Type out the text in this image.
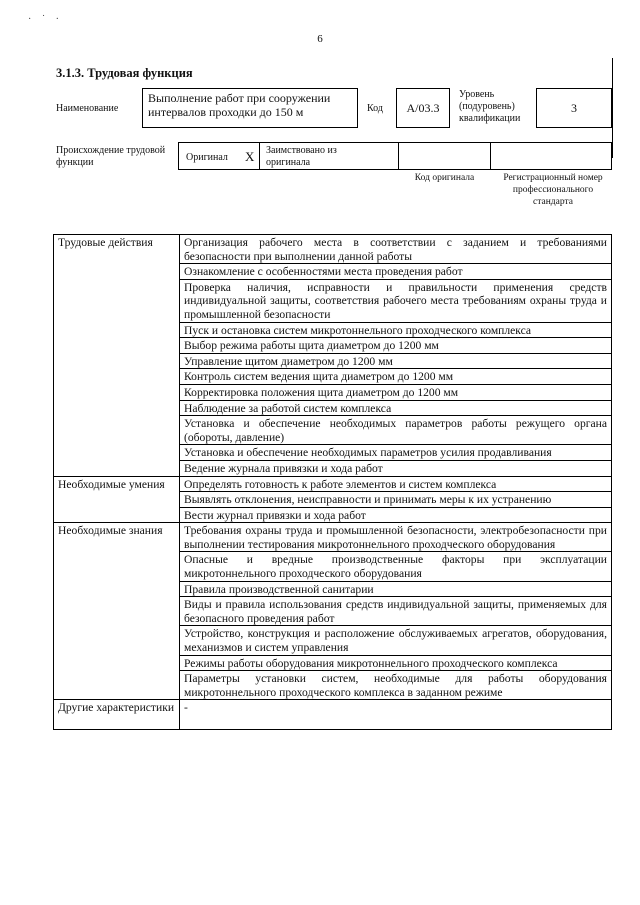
· ˙ ·
6
3.1.3. Трудовая функция
Наименование
Выполнение работ при сооружении интервалов проходки до 150 м	Код	A/03.3
Уровень (подуровень) квалификации
3
Происхождение трудовой функции	Оригинал X Заимствовано из оригинала
Код оригинала	Регистрационный номер профессионального стандарта
Трудовые действия	Организация рабочего места в соответствии с заданием и требованиями безопасности при выполнении данной работы
	Ознакомление с особенностями места проведения работ
	Проверка наличия, исправности и правильности применения средств индивидуальной защиты, соответствия рабочего места требованиям охраны труда и промышленной безопасности
	Пуск и остановка систем микротоннельного проходческого комплекса
	Выбор режима работы щита диаметром до 1200 мм
	Управление щитом диаметром до 1200 мм
	Контроль систем ведения щита диаметром до 1200 мм
	Корректировка положения щита диаметром до 1200 мм
	Наблюдение за работой систем комплекса
	Установка и обеспечение необходимых параметров работы режущего органа (обороты, давление)
	Установка и обеспечение необходимых параметров усилия продавливания
	Ведение журнала привязки и хода работ
Необходимые умения	Определять готовность к работе элементов и систем комплекса
	Выявлять отклонения, неисправности и принимать меры к их устранению
	Вести журнал привязки и хода работ
Необходимые знания	Требования охраны труда и промышленной безопасности, электробезопасности при выполнении тестирования микротоннельного проходческого оборудования
	Опасные и вредные производственные факторы при эксплуатации микротоннельного проходческого оборудования
	Правила производственной санитарии
	Виды и правила использования средств индивидуальной защиты, применяемых для безопасного проведения работ
	Устройство, конструкция и расположение обслуживаемых агрегатов, оборудования, механизмов и систем управления
	Режимы работы оборудования микротоннельного проходческого комплекса
	Параметры установки систем, необходимые для работы оборудования микротоннельного проходческого комплекса в заданном режиме
Другие характеристики	-
